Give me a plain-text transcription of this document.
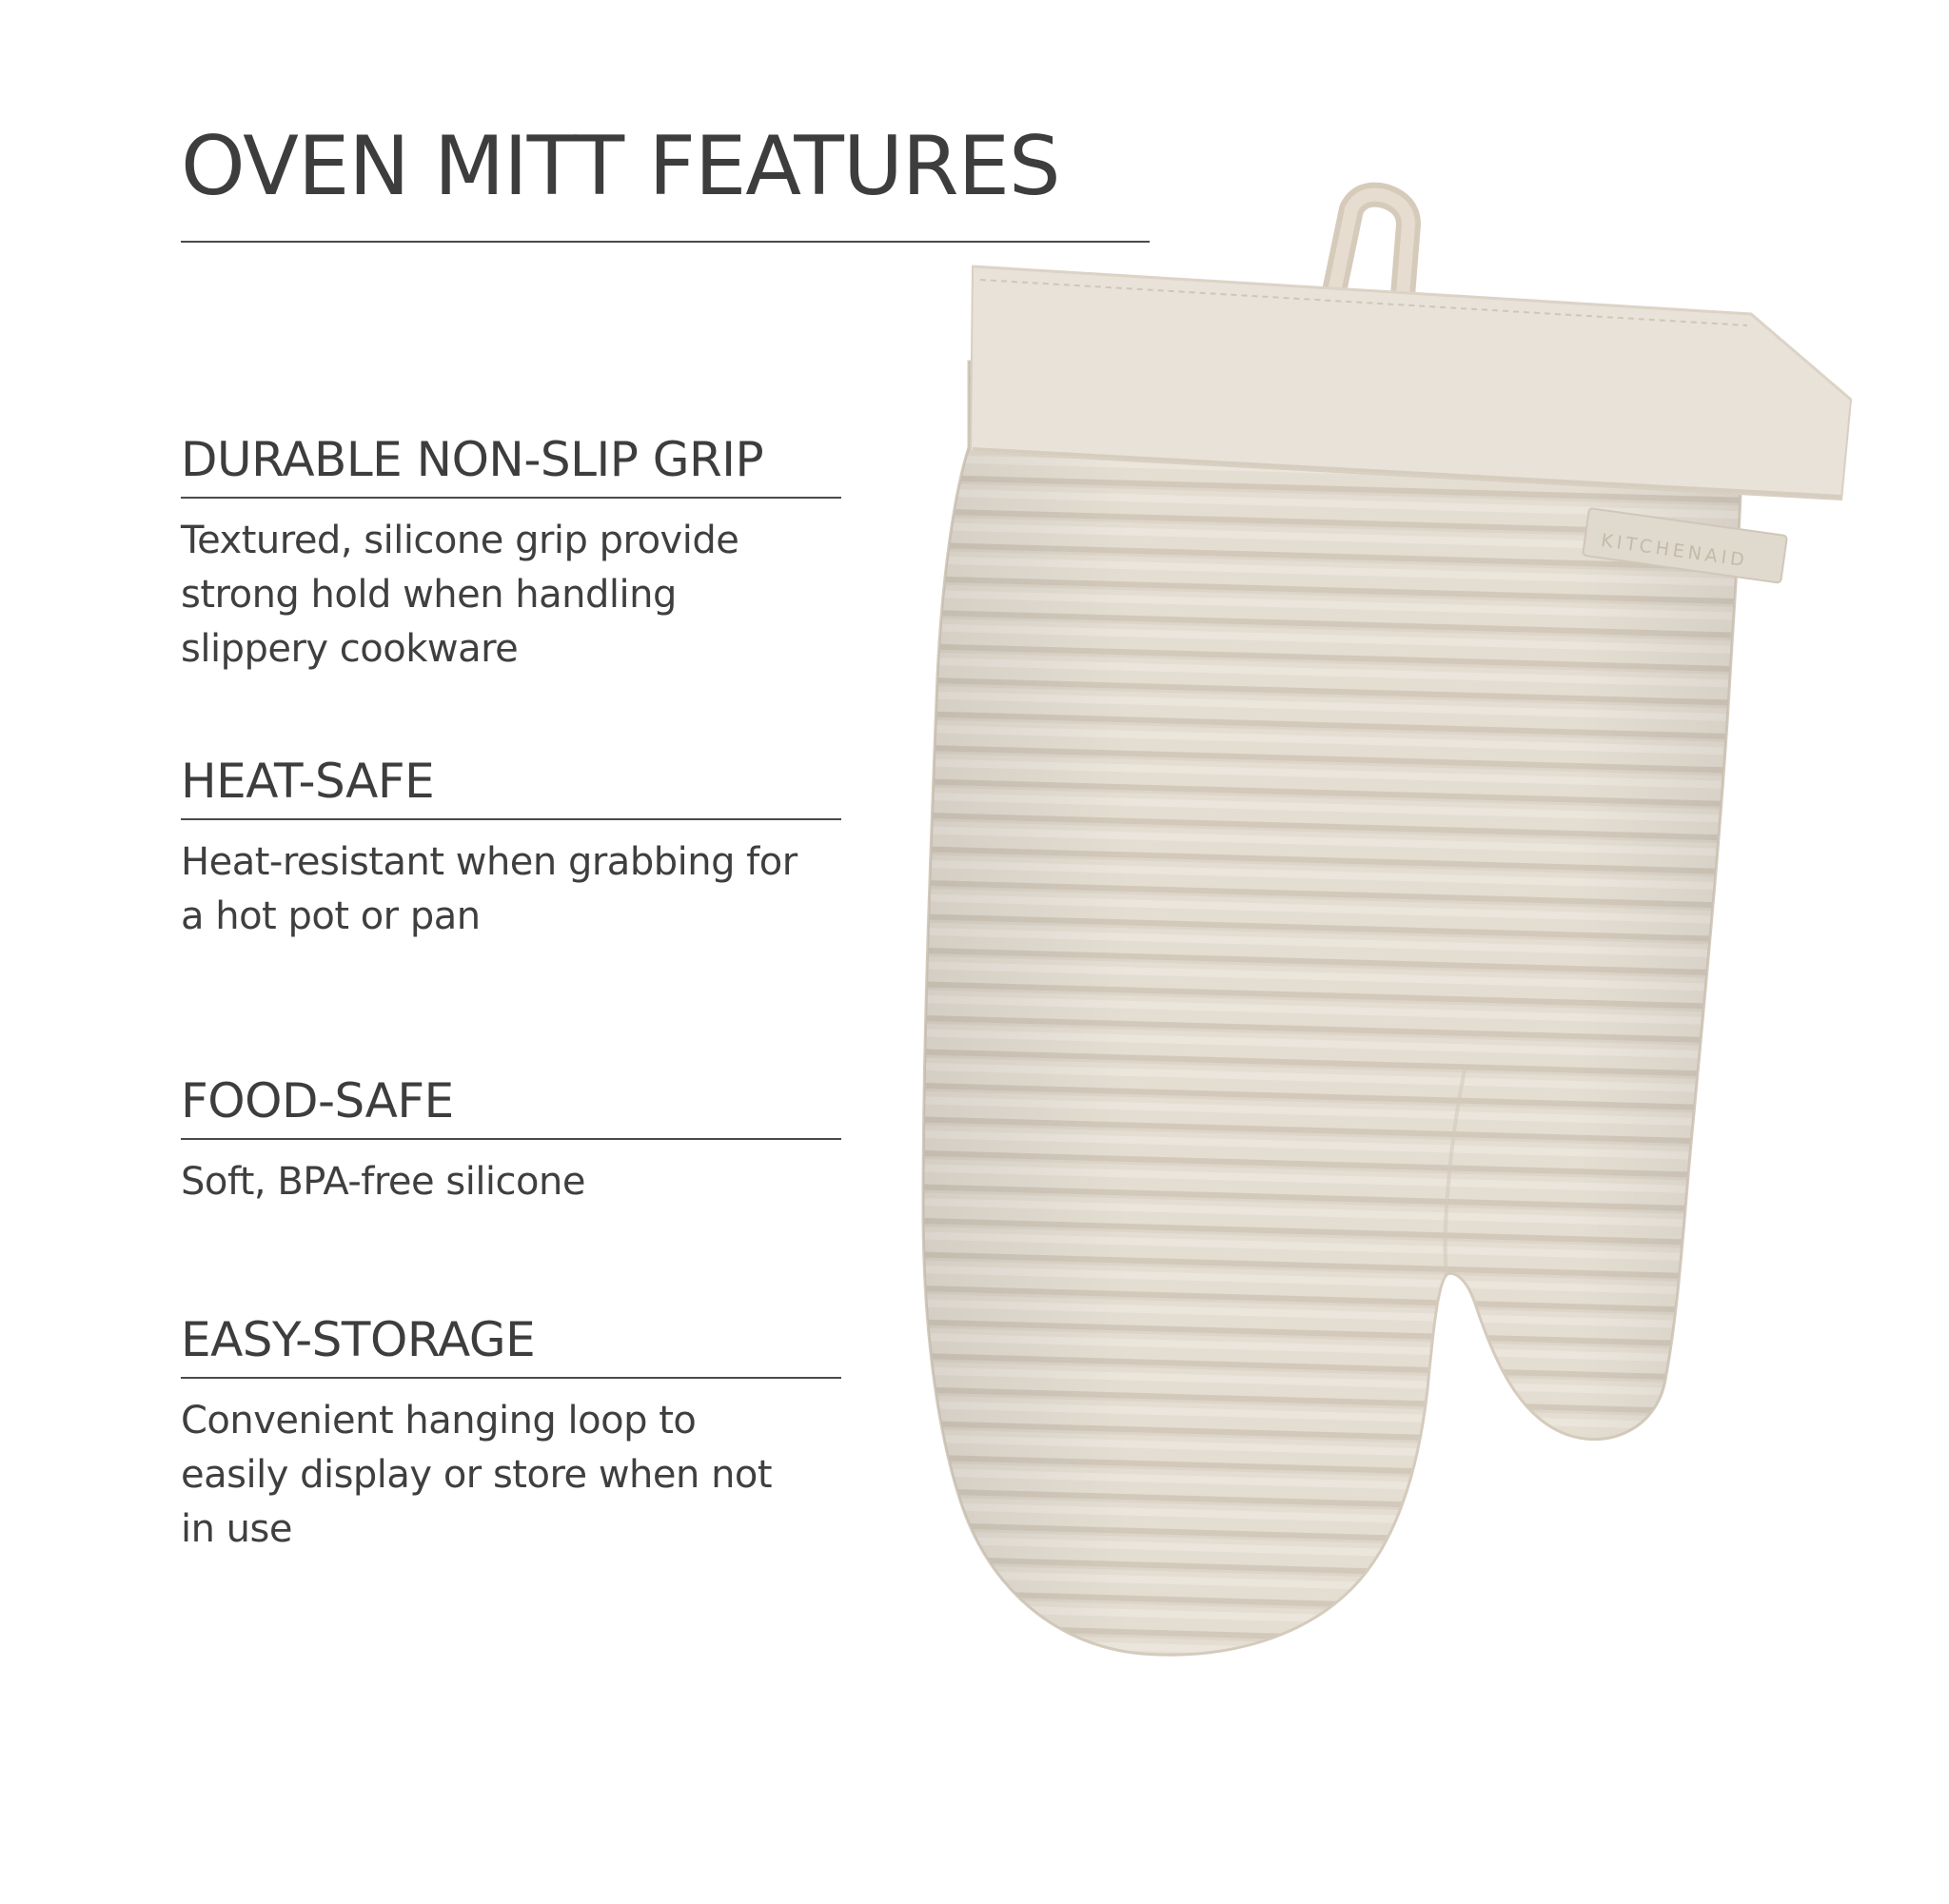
OVEN MITT FEATURES
DURABLE NON-SLIP GRIP

Textured, silicone grip provide strong hold when handling slippery cookware

HEAT-SAFE

Heat-resistant when grabbing for a hot pot or pan

FOOD-SAFE

Soft, BPA-free silicone

EASY-STORAGE

Convenient hanging loop to easily display or store when not in use

KITCHENAID
